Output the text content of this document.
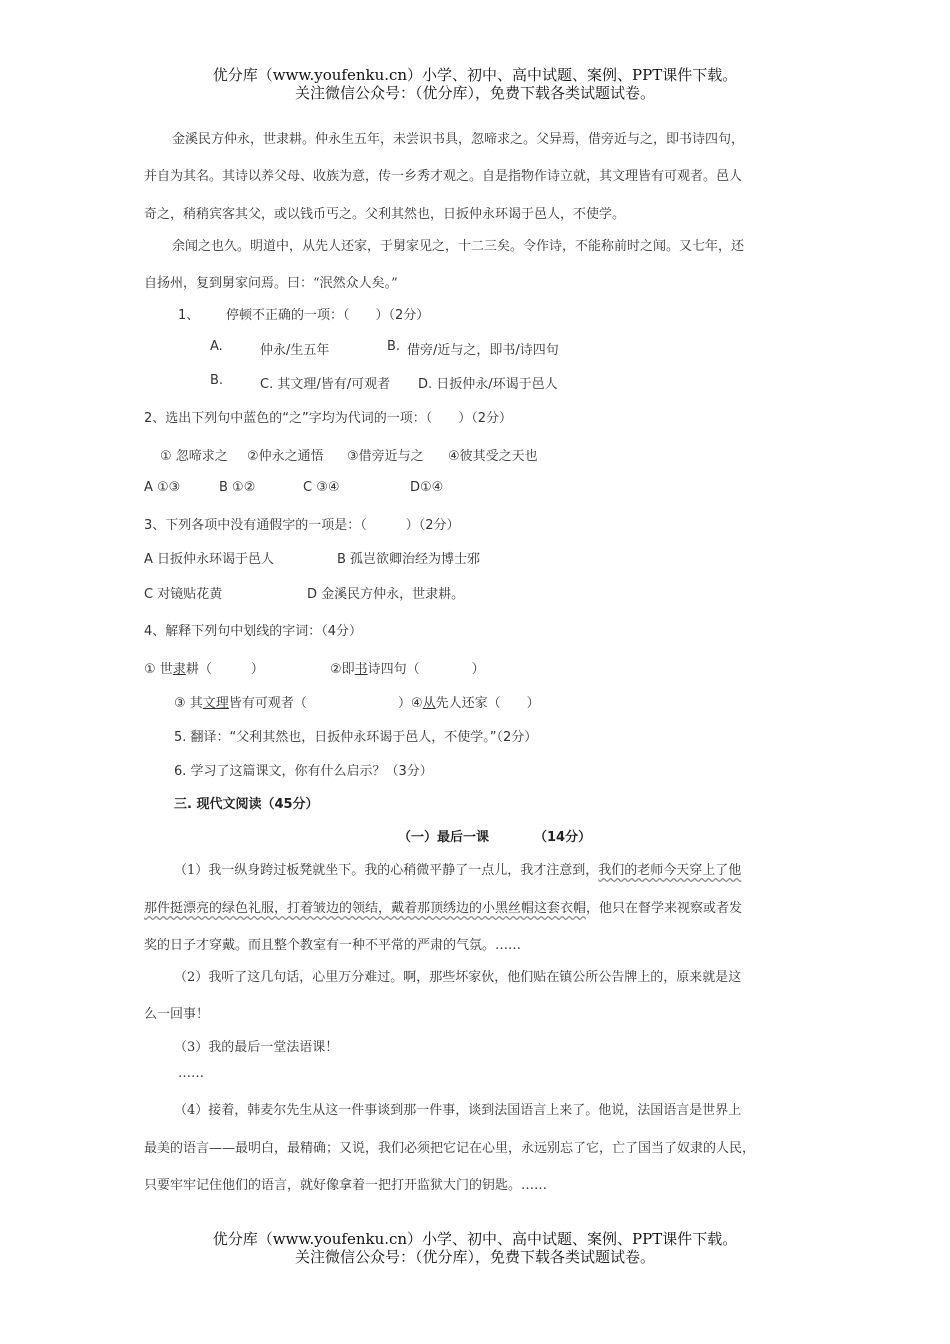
优分库（www.youfenku.cn）小学、初中、高中试题、案例、PPT课件下载。
关注微信公众号：（优分库），免费下载各类试题试卷。
金溪民方仲永，世隶耕。仲永生五年，未尝识书具，忽啼求之。父异焉，借旁近与之，即书诗四句，
并自为其名。其诗以养父母、收族为意，传一乡秀才观之。自是指物作诗立就，其文理皆有可观者。邑人
奇之，稍稍宾客其父，或以钱币丐之。父利其然也，日扳仲永环谒于邑人，不使学。
余闻之也久。明道中，从先人还家，于舅家见之，十二三矣。令作诗，不能称前时之闻。又七年，还
自扬州，复到舅家问焉。曰：“泯然众人矣。”
1、 停顿不正确的一项：（　　）（2分）
A.	仲永/生五年	B. 借旁/近与之，即书/诗四句
B.	C. 其文理/皆有/可观者 D. 日扳仲永/环谒于邑人
2、选出下列句中蓝色的“之”字均为代词的一项：（　　）（2分）
① 忽啼求之 ②仲永之通悟 ③借旁近与之 ④彼其受之天也
A ①③	B ①②	C ③④	D①④
3、下列各项中没有通假字的一项是：（　　　）（2分）
A 日扳仲永环谒于邑人	B 孤岂欲卿治经为博士邪
C 对镜贴花黄	D 金溪民方仲永，世隶耕。
4、解释下列句中划线的字词：（4分）
① 世隶耕（　　　）	②即书诗四句（　　　　）
③ 其文理皆有可观者（　　　　　　 ）④从先人还家（　　）
5. 翻译：“父利其然也，日扳仲永环谒于邑人，不使学。”（2分）
6. 学习了这篇课文，你有什么启示？（3分）
三. 现代文阅读（45分）
（一）最后一课	（14分）
（1）我一纵身跨过板凳就坐下。我的心稍微平静了一点儿，我才注意到，我们的老师今天穿上了他
那件挺漂亮的绿色礼服，打着皱边的领结，戴着那顶绣边的小黑丝帽这套衣帽，他只在督学来视察或者发
奖的日子才穿戴。而且整个教室有一种不平常的严肃的气氛。……
（2）我听了这几句话，心里万分难过。啊，那些坏家伙，他们贴在镇公所公告牌上的，原来就是这
么一回事！
（3）我的最后一堂法语课！
……
（4）接着，韩麦尔先生从这一件事谈到那一件事，谈到法国语言上来了。他说，法国语言是世界上
最美的语言——最明白，最精确；又说，我们必须把它记在心里，永远别忘了它，亡了国当了奴隶的人民，
只要牢牢记住他们的语言，就好像拿着一把打开监狱大门的钥匙。……
优分库（www.youfenku.cn）小学、初中、高中试题、案例、PPT课件下载。
关注微信公众号：（优分库），免费下载各类试题试卷。
